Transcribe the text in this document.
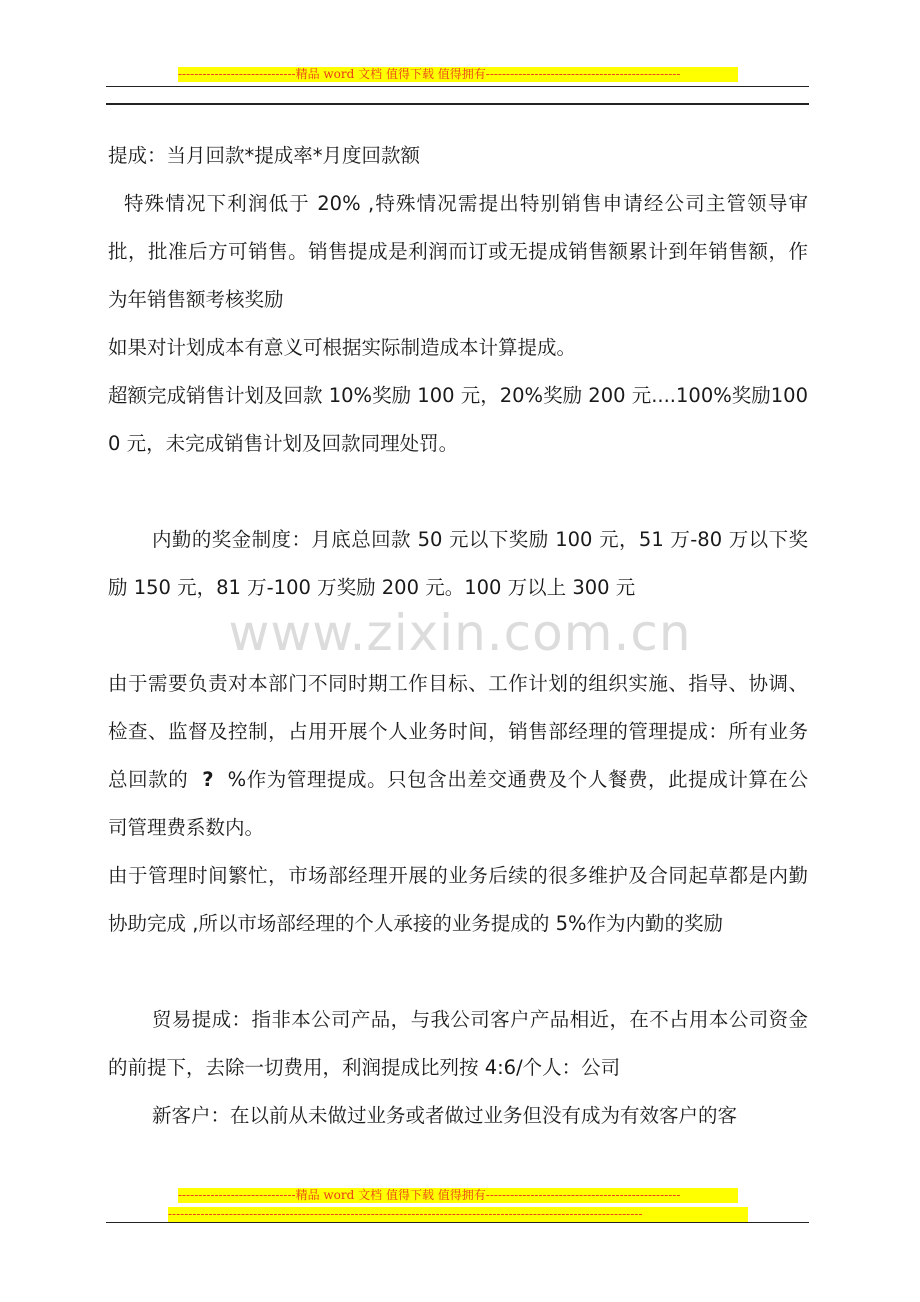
-----------------------------精品 word 文档 值得下载 值得拥有------------------------------------------------
www.zixin.com.cn

提成：当月回款*提成率*月度回款额

特殊情况下利润低于 20% ,特殊情况需提出特别销售申请经公司主管领导审批，批准后方可销售。销售提成是利润而订或无提成销售额累计到年销售额，作为年销售额考核奖励

如果对计划成本有意义可根据实际制造成本计算提成。

超额完成销售计划及回款 10%奖励 100 元，20%奖励 200 元....100%奖励1000 元，未完成销售计划及回款同理处罚。

内勤的奖金制度：月底总回款 50 元以下奖励 100 元，51 万-80 万以下奖励 150 元，81 万-100 万奖励 200 元。100 万以上 300 元

由于需要负责对本部门不同时期工作目标、工作计划的组织实施、指导、协调、检查、监督及控制，占用开展个人业务时间，销售部经理的管理提成：所有业务总回款的 ? %作为管理提成。只包含出差交通费及个人餐费，此提成计算在公司管理费系数内。

由于管理时间繁忙，市场部经理开展的业务后续的很多维护及合同起草都是内勤协助完成 ,所以市场部经理的个人承接的业务提成的 5%作为内勤的奖励

贸易提成：指非本公司产品，与我公司客户产品相近，在不占用本公司资金的前提下，去除一切费用，利润提成比列按 4:6/个人：公司

新客户：在以前从未做过业务或者做过业务但没有成为有效客户的客

-----------------------------精品 word 文档 值得下载 值得拥有------------------------------------------------
---------------------------------------------------------------------------------------------------------------------
